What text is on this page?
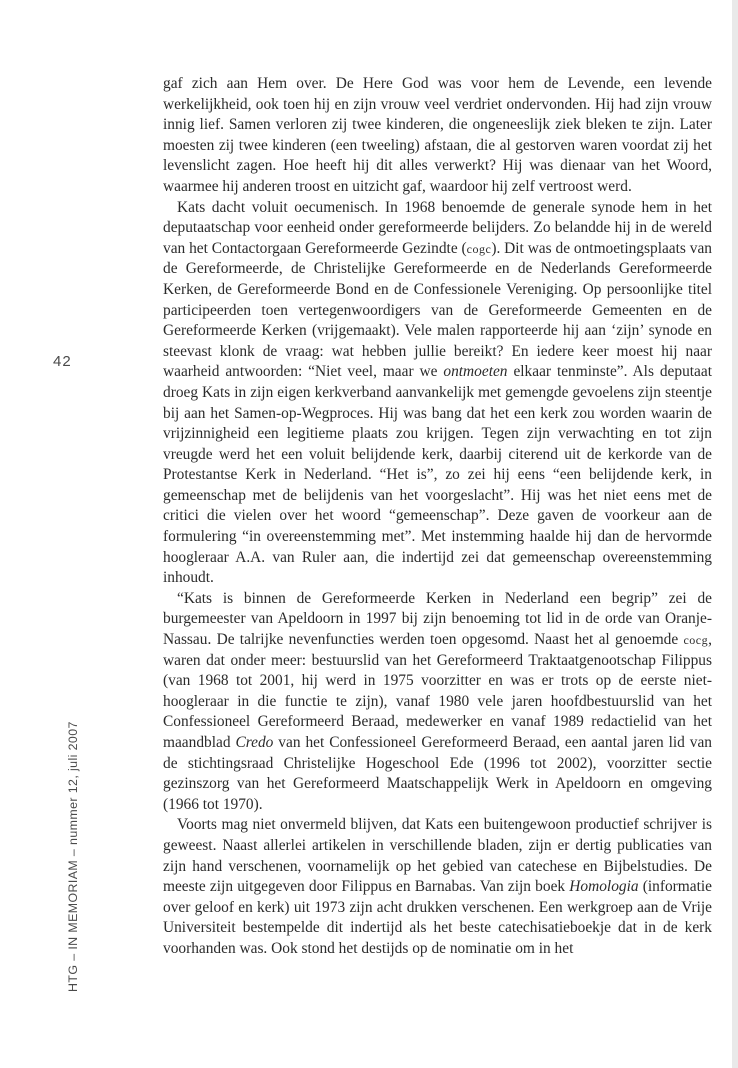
42
HTG – IN MEMORIAM – nummer 12, juli 2007

gaf zich aan Hem over. De Here God was voor hem de Levende, een levende werkelijkheid, ook toen hij en zijn vrouw veel verdriet ondervonden. Hij had zijn vrouw innig lief. Samen verloren zij twee kinderen, die ongeneeslijk ziek bleken te zijn. Later moesten zij twee kinderen (een tweeling) afstaan, die al gestorven waren voordat zij het levenslicht zagen. Hoe heeft hij dit alles verwerkt? Hij was dienaar van het Woord, waarmee hij anderen troost en uitzicht gaf, waardoor hij zelf vertroost werd.

Kats dacht voluit oecumenisch. In 1968 benoemde de generale synode hem in het deputaatschap voor eenheid onder gereformeerde belijders. Zo belandde hij in de wereld van het Contactorgaan Gereformeerde Gezindte (cogc). Dit was de ontmoetingsplaats van de Gereformeerde, de Christelijke Gereformeerde en de Nederlands Gereformeerde Kerken, de Gereformeerde Bond en de Confessionele Vereniging. Op persoonlijke titel participeerden toen vertegenwoordigers van de Gereformeerde Gemeenten en de Gereformeerde Kerken (vrijgemaakt). Vele malen rapporteerde hij aan ‘zijn’ synode en steevast klonk de vraag: wat hebben jullie bereikt? En iedere keer moest hij naar waarheid antwoorden: “Niet veel, maar we ontmoeten elkaar tenminste”. Als deputaat droeg Kats in zijn eigen kerkverband aanvankelijk met gemengde gevoelens zijn steentje bij aan het Samen-op-Wegproces. Hij was bang dat het een kerk zou worden waarin de vrijzinnigheid een legitieme plaats zou krijgen. Tegen zijn verwachting en tot zijn vreugde werd het een voluit belijdende kerk, daarbij citerend uit de kerkorde van de Protestantse Kerk in Nederland. “Het is”, zo zei hij eens “een belijdende kerk, in gemeenschap met de belijdenis van het voorgeslacht”. Hij was het niet eens met de critici die vielen over het woord “gemeenschap”. Deze gaven de voorkeur aan de formulering “in overeenstemming met”. Met instemming haalde hij dan de hervormde hoogleraar A.A. van Ruler aan, die indertijd zei dat gemeenschap overeenstemming inhoudt.

“Kats is binnen de Gereformeerde Kerken in Nederland een begrip” zei de burgemeester van Apeldoorn in 1997 bij zijn benoeming tot lid in de orde van Oranje-Nassau. De talrijke nevenfuncties werden toen opgesomd. Naast het al genoemde cocg, waren dat onder meer: bestuurslid van het Gereformeerd Traktaatgenootschap Filippus (van 1968 tot 2001, hij werd in 1975 voorzitter en was er trots op de eerste niet-hoogleraar in die functie te zijn), vanaf 1980 vele jaren hoofdbestuurslid van het Confessioneel Gereformeerd Beraad, medewerker en vanaf 1989 redactielid van het maandblad Credo van het Confessioneel Gereformeerd Beraad, een aantal jaren lid van de stichtingsraad Christelijke Hogeschool Ede (1996 tot 2002), voorzitter sectie gezinszorg van het Gereformeerd Maatschappelijk Werk in Apeldoorn en omgeving (1966 tot 1970).

Voorts mag niet onvermeld blijven, dat Kats een buitengewoon productief schrijver is geweest. Naast allerlei artikelen in verschillende bladen, zijn er dertig publicaties van zijn hand verschenen, voornamelijk op het gebied van catechese en Bijbelstudies. De meeste zijn uitgegeven door Filippus en Barnabas. Van zijn boek Homologia (informatie over geloof en kerk) uit 1973 zijn acht drukken verschenen. Een werkgroep aan de Vrije Universiteit bestempelde dit indertijd als het beste catechisatieboekje dat in de kerk voorhanden was. Ook stond het destijds op de nominatie om in het
